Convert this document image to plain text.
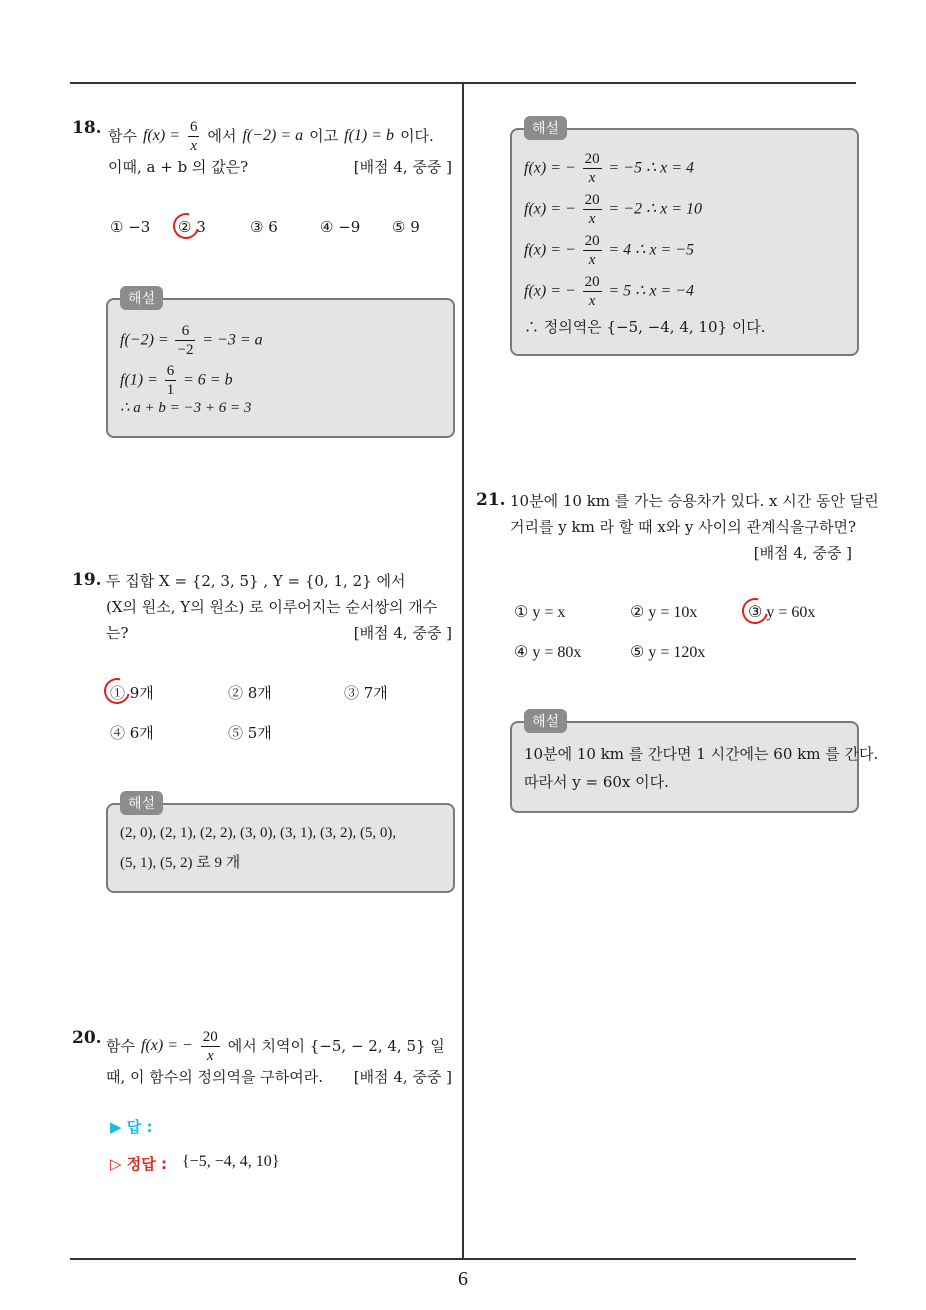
18. 함수 $f(x) = \frac{6}{x}$ 에서 f(−2) = a 이고 f(1) = b 이다.
이때, a + b 의 값은?	[배점 4, 중중 ]
① −3 ② 3	③ 6	④ −9 ⑤ 9
해설
$f(-2) = \frac{6}{-2} = -3 = a$
$f(1) = \frac{6}{1} = 6 = b$
∴ a + b = −3 + 6 = 3
19. 두 집합 X = {2, 3, 5} , Y = {0, 1, 2} 에서
(X의 원소, Y의 원소) 로 이루어지는 순서쌍의 개수
는?	[배점 4, 중중 ]
① 9개	② 8개	③ 7개
④ 6개	⑤ 5개
해설
(2, 0), (2, 1), (2, 2), (3, 0), (3, 1), (3, 2), (5, 0),
(5, 1), (5, 2) 로 9 개
20. 함수 f(x) = − $\frac{20}{x}$ 에서 치역이 {−5, − 2, 4, 5} 일
때, 이 함수의 정의역을 구하여라. [배점 4, 중중 ]
▶ 답 :
▷ 정답 : {−5, −4, 4, 10}
해설
f(x) = − $\frac{20}{x} = -5$ ∴ x = 4
f(x) = − $\frac{20}{x} = -2$ ∴ x = 10
f(x) = − $\frac{20}{x} = 4$ ∴ x = −5
f(x) = − $\frac{20}{x} = 5$ ∴ x = −4
∴ 정의역은 {−5, −4, 4, 10} 이다.
21. 10분에 10 km 를 가는 승용차가 있다. x 시간 동안 달린
거리를 y km 라 할 때 x와 y 사이의 관계식을구하면?
[배점 4, 중중 ]
① y = x	② y = 10x	③ y = 60x
④ y = 80x	⑤ y = 120x
해설
10분에 10 km 를 간다면 1 시간에는 60 km 를 간다.
따라서 y = 60x 이다.
6
